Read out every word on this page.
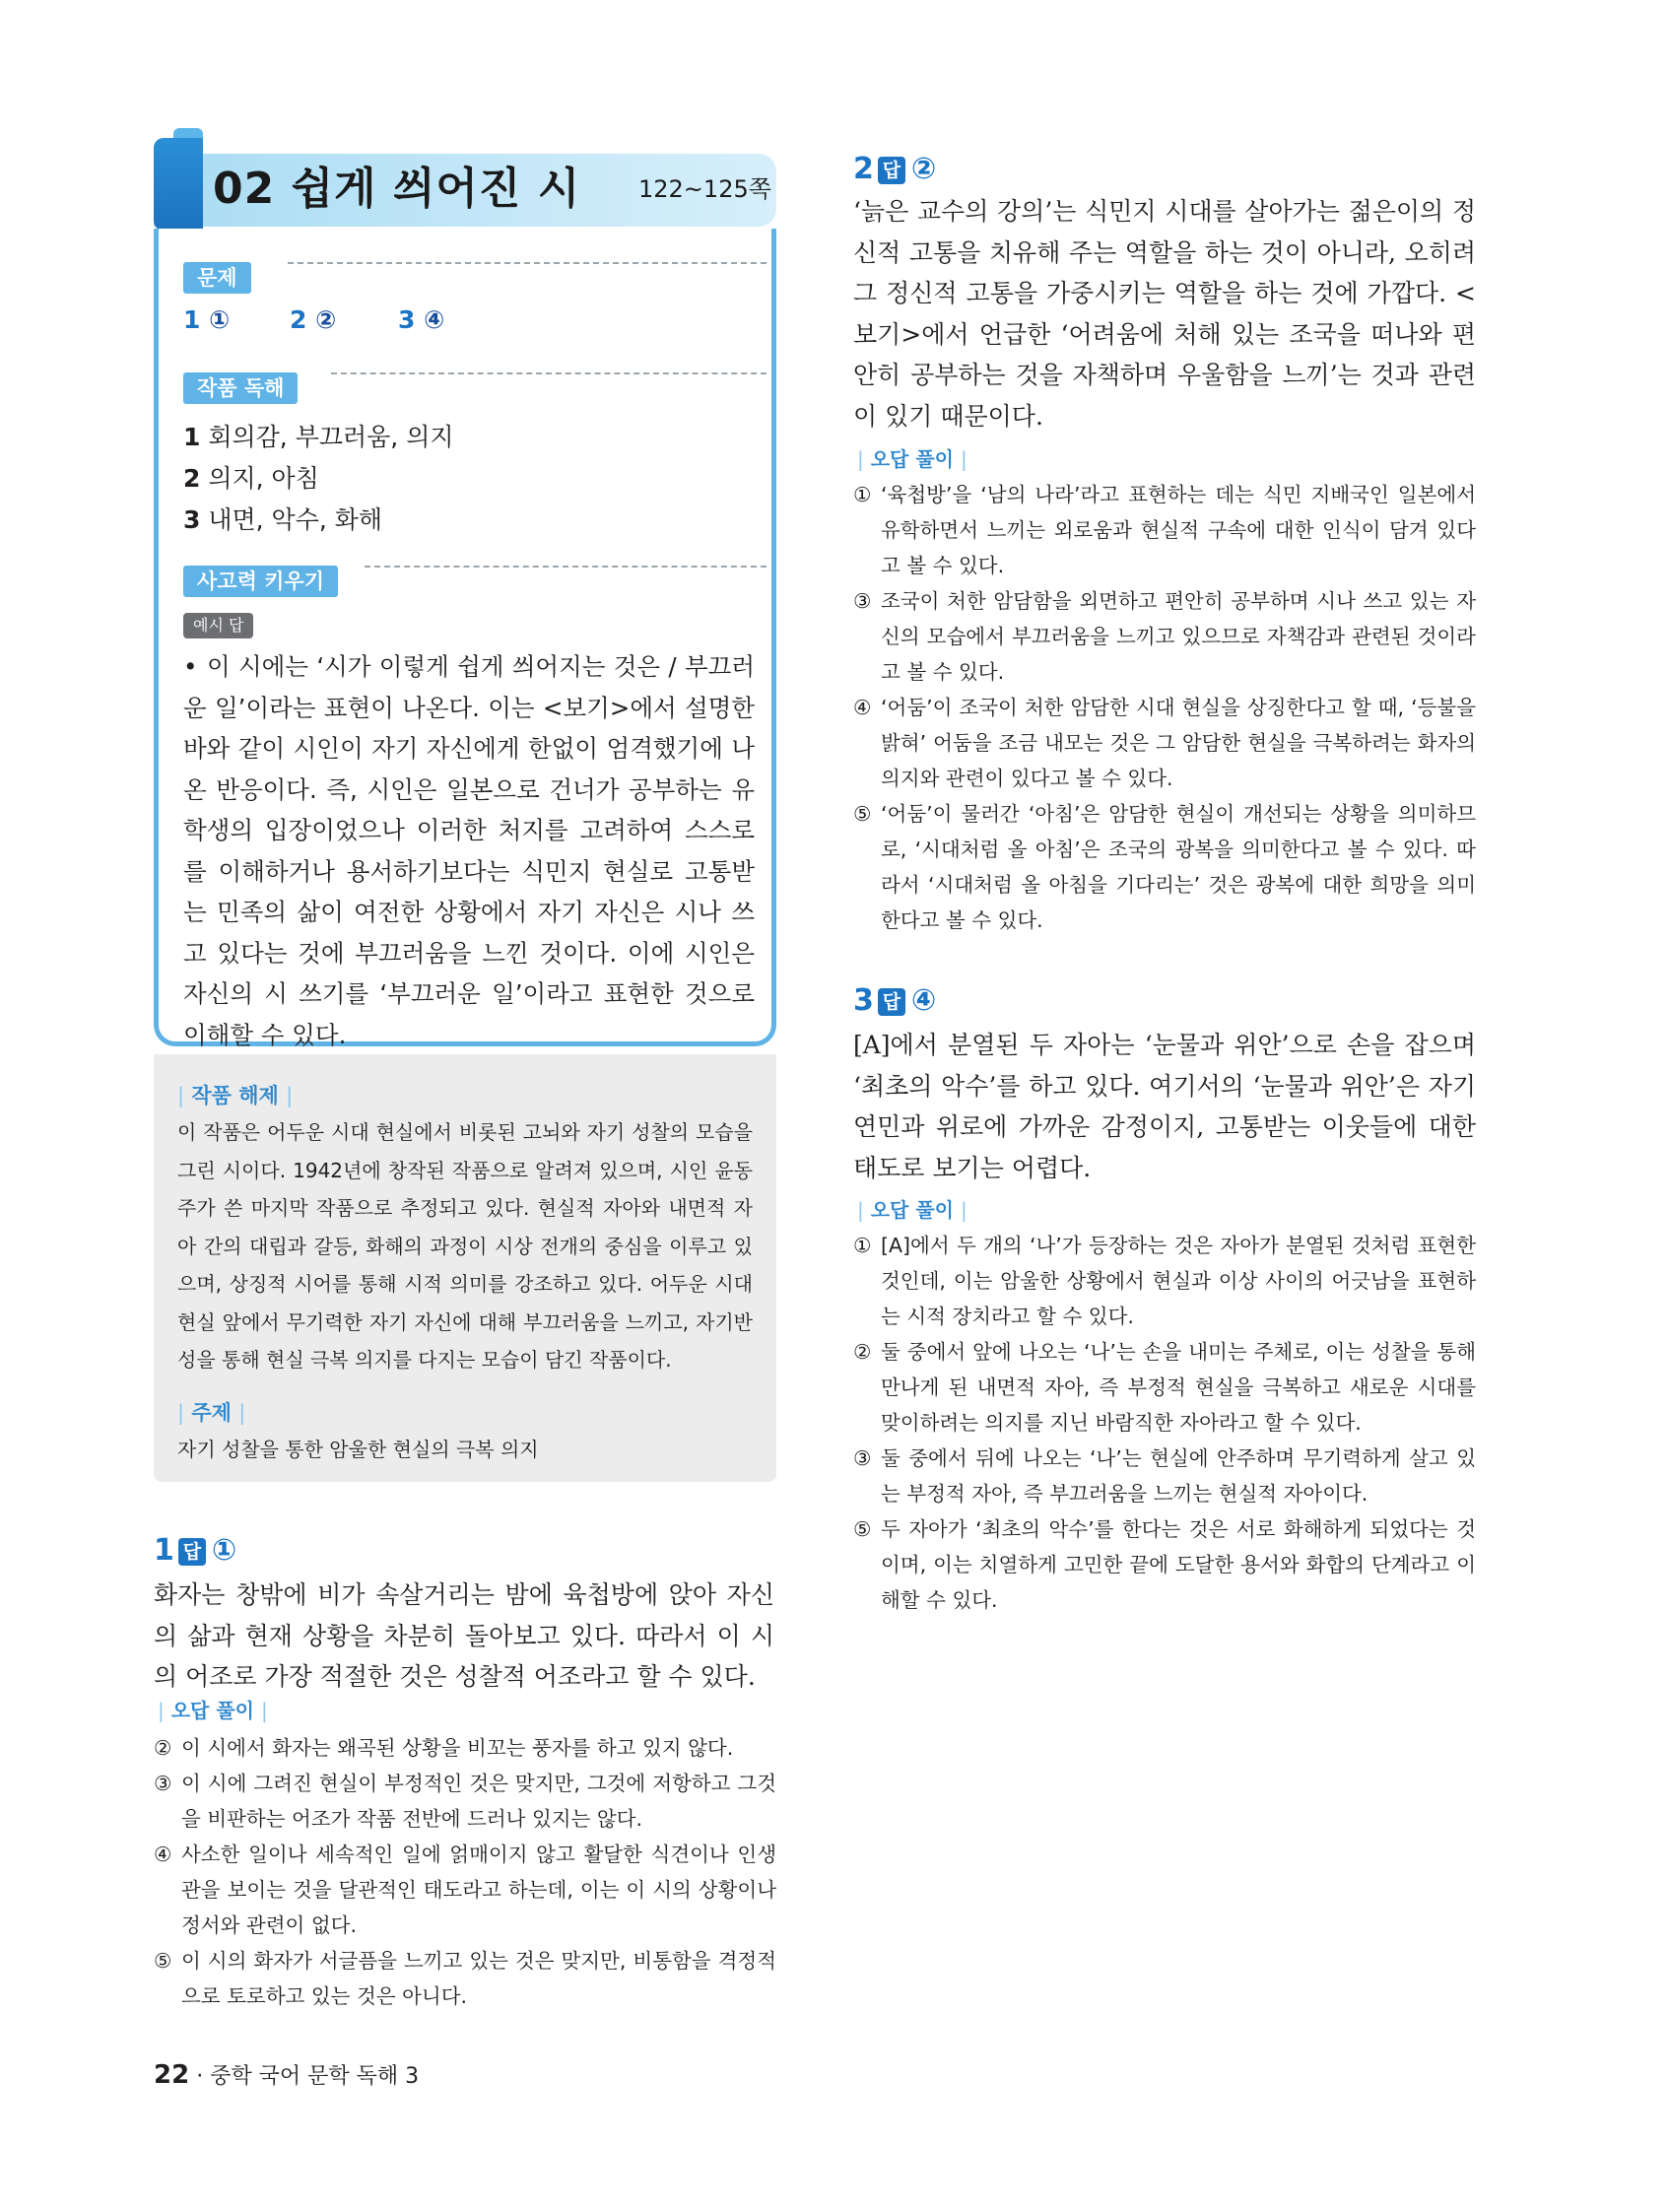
02 쉽게 씌어진 시 122~125쪽
문제
1 ① 2 ②	3 ④
작품 독해
1 회의감, 부끄러움, 의지
2 의지, 아침
3 내면, 악수, 화해
사고력 키우기
예시 답
• 이 시에는 ‘시가 이렇게 쉽게 씌어지는 것은 / 부끄러운 일’이라는 표현이 나온다. 이는 <보기>에서 설명한 바와 같이 시인이 자기 자신에게 한없이 엄격했기에 나온 반응이다. 즉, 시인은 일본으로 건너가 공부하는 유학생의 입장이었으나 이러한 처지를 고려하여 스스로를 이해하거나 용서하기보다는 식민지 현실로 고통받는 민족의 삶이 여전한 상황에서 자기 자신은 시나 쓰고 있다는 것에 부끄러움을 느낀 것이다. 이에 시인은 자신의 시 쓰기를 ‘부끄러운 일’이라고 표현한 것으로 이해할 수 있다.
| 작품 해제 |
이 작품은 어두운 시대 현실에서 비롯된 고뇌와 자기 성찰의 모습을 그린 시이다. 1942년에 창작된 작품으로 알려져 있으며, 시인 윤동주가 쓴 마지막 작품으로 추정되고 있다. 현실적 자아와 내면적 자아 간의 대립과 갈등, 화해의 과정이 시상 전개의 중심을 이루고 있으며, 상징적 시어를 통해 시적 의미를 강조하고 있다. 어두운 시대 현실 앞에서 무기력한 자기 자신에 대해 부끄러움을 느끼고, 자기반성을 통해 현실 극복 의지를 다지는 모습이 담긴 작품이다.
| 주제 |
자기 성찰을 통한 암울한 현실의 극복 의지
1 답 ①
화자는 창밖에 비가 속살거리는 밤에 육첩방에 앉아 자신의 삶과 현재 상황을 차분히 돌아보고 있다. 따라서 이 시의 어조로 가장 적절한 것은 성찰적 어조라고 할 수 있다.
| 오답 풀이 |
② 이 시에서 화자는 왜곡된 상황을 비꼬는 풍자를 하고 있지 않다.
③ 이 시에 그려진 현실이 부정적인 것은 맞지만, 그것에 저항하고 그것을 비판하는 어조가 작품 전반에 드러나 있지는 않다.
④ 사소한 일이나 세속적인 일에 얽매이지 않고 활달한 식견이나 인생관을 보이는 것을 달관적인 태도라고 하는데, 이는 이 시의 상황이나 정서와 관련이 없다.
⑤ 이 시의 화자가 서글픔을 느끼고 있는 것은 맞지만, 비통함을 격정적으로 토로하고 있는 것은 아니다.
2 답 ②
‘늙은 교수의 강의’는 식민지 시대를 살아가는 젊은이의 정신적 고통을 치유해 주는 역할을 하는 것이 아니라, 오히려 그 정신적 고통을 가중시키는 역할을 하는 것에 가깝다. <보기>에서 언급한 ‘어려움에 처해 있는 조국을 떠나와 편안히 공부하는 것을 자책하며 우울함을 느끼’는 것과 관련이 있기 때문이다.
| 오답 풀이 |
① ‘육첩방’을 ‘남의 나라’라고 표현하는 데는 식민 지배국인 일본에서 유학하면서 느끼는 외로움과 현실적 구속에 대한 인식이 담겨 있다고 볼 수 있다.
③ 조국이 처한 암담함을 외면하고 편안히 공부하며 시나 쓰고 있는 자신의 모습에서 부끄러움을 느끼고 있으므로 자책감과 관련된 것이라고 볼 수 있다.
④ ‘어둠’이 조국이 처한 암담한 시대 현실을 상징한다고 할 때, ‘등불을 밝혀’ 어둠을 조금 내모는 것은 그 암담한 현실을 극복하려는 화자의 의지와 관련이 있다고 볼 수 있다.
⑤ ‘어둠’이 물러간 ‘아침’은 암담한 현실이 개선되는 상황을 의미하므로, ‘시대처럼 올 아침’은 조국의 광복을 의미한다고 볼 수 있다. 따라서 ‘시대처럼 올 아침을 기다리는’ 것은 광복에 대한 희망을 의미한다고 볼 수 있다.
3 답 ④
[A]에서 분열된 두 자아는 ‘눈물과 위안’으로 손을 잡으며 ‘최초의 악수’를 하고 있다. 여기서의 ‘눈물과 위안’은 자기 연민과 위로에 가까운 감정이지, 고통받는 이웃들에 대한 태도로 보기는 어렵다.
| 오답 풀이 |
① [A]에서 두 개의 ‘나’가 등장하는 것은 자아가 분열된 것처럼 표현한 것인데, 이는 암울한 상황에서 현실과 이상 사이의 어긋남을 표현하는 시적 장치라고 할 수 있다.
② 둘 중에서 앞에 나오는 ‘나’는 손을 내미는 주체로, 이는 성찰을 통해 만나게 된 내면적 자아, 즉 부정적 현실을 극복하고 새로운 시대를 맞이하려는 의지를 지닌 바람직한 자아라고 할 수 있다.
③ 둘 중에서 뒤에 나오는 ‘나’는 현실에 안주하며 무기력하게 살고 있는 부정적 자아, 즉 부끄러움을 느끼는 현실적 자아이다.
⑤ 두 자아가 ‘최초의 악수’를 한다는 것은 서로 화해하게 되었다는 것이며, 이는 치열하게 고민한 끝에 도달한 용서와 화합의 단계라고 이해할 수 있다.
22 · 중학 국어 문학 독해 3
